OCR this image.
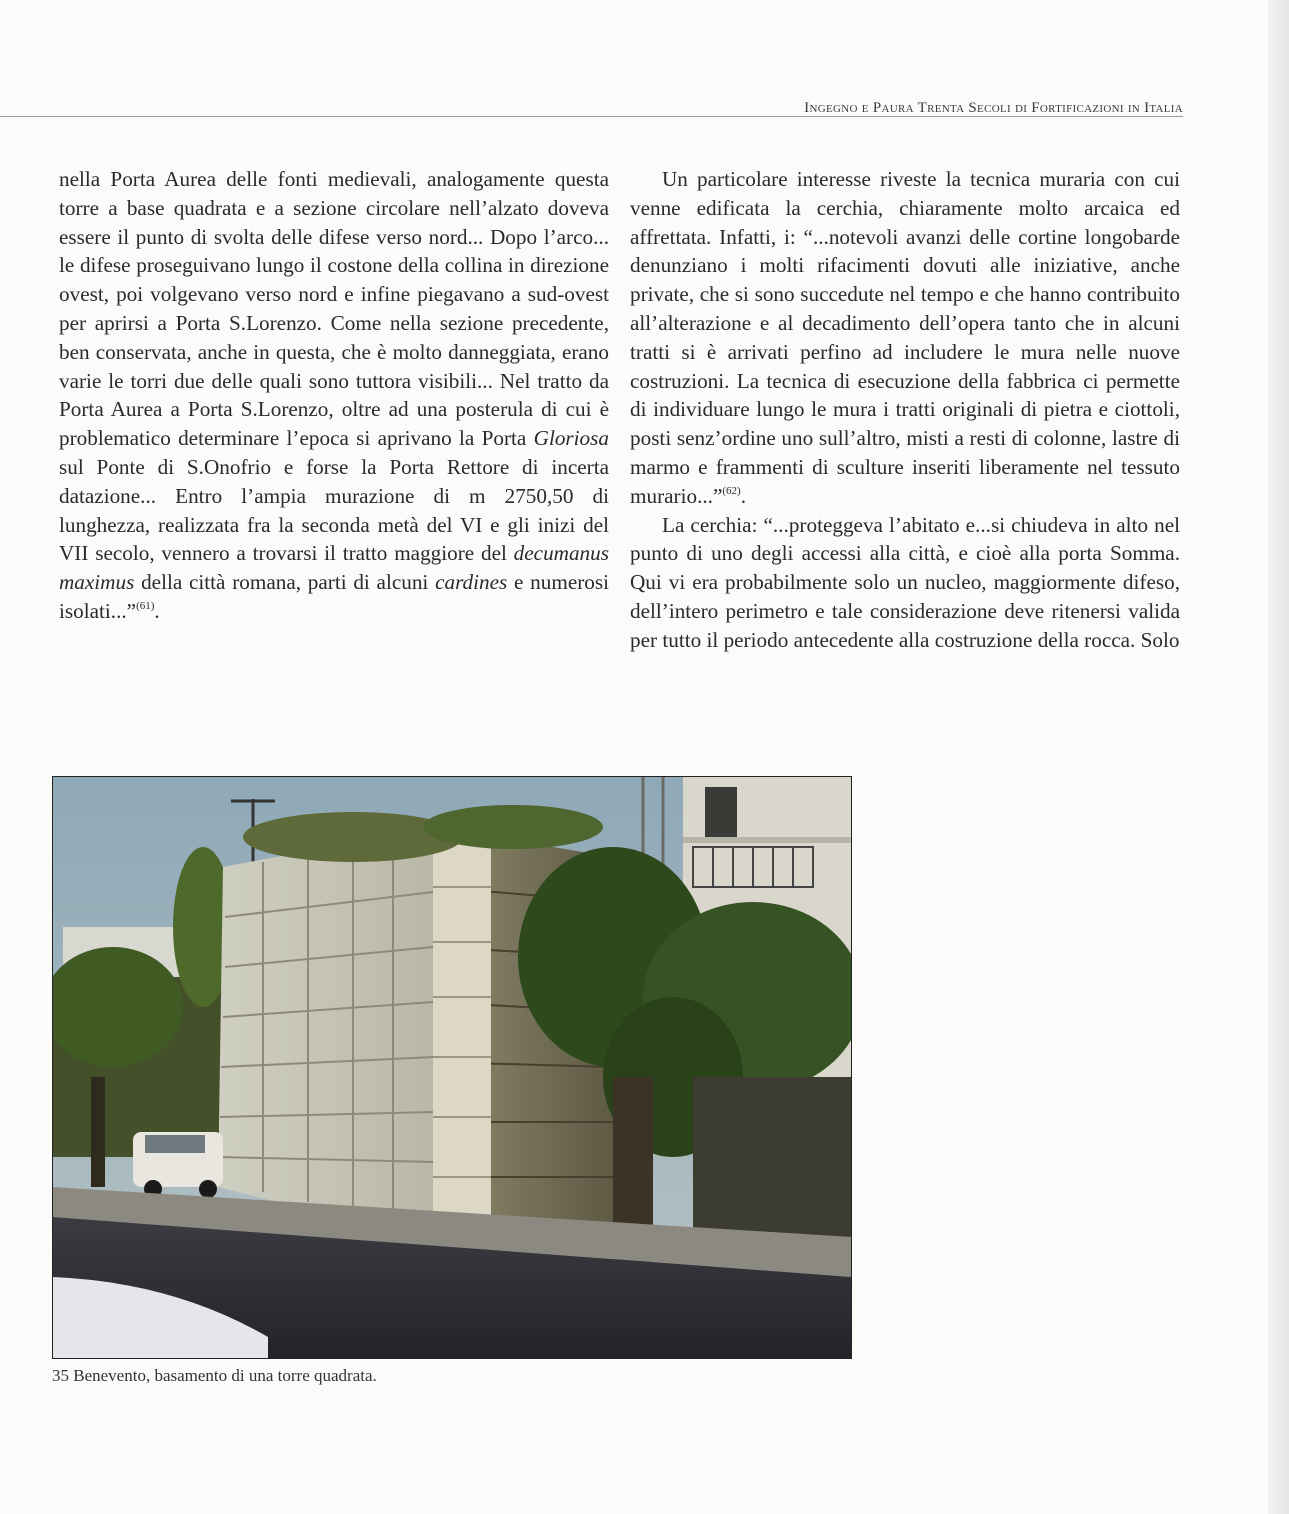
Ingegno e Paura Trenta Secoli di Fortificazioni in Italia

nella Porta Aurea delle fonti medievali, analogamente questa torre a base quadrata e a sezione circolare nell’alzato doveva essere il punto di svolta delle difese verso nord... Dopo l’arco... le difese proseguivano lungo il costone della collina in direzione ovest, poi volgevano verso nord e infine piegavano a sud-ovest per aprirsi a Porta S.Lorenzo. Come nella sezione precedente, ben conservata, anche in questa, che è molto danneggiata, erano varie le torri due delle quali sono tuttora visibili... Nel tratto da Porta Aurea a Porta S.Lorenzo, oltre ad una posterula di cui è problematico determinare l’epoca si aprivano la Porta Gloriosa sul Ponte di S.Onofrio e forse la Porta Rettore di incerta datazione... Entro l’ampia murazione di m 2750,50 di lunghezza, realizzata fra la seconda metà del VI e gli inizi del VII secolo, vennero a trovarsi il tratto maggiore del decumanus maximus della città romana, parti di alcuni cardines e numerosi isolati...”$^{(61)}$.

Un particolare interesse riveste la tecnica muraria con cui venne edificata la cerchia, chiaramente molto arcaica ed affrettata. Infatti, i: “...notevoli avanzi delle cortine longobarde denunziano i molti rifacimenti dovuti alle iniziative, anche private, che si sono succedute nel tempo e che hanno contribuito all’alterazione e al decadimento dell’opera tanto che in alcuni tratti si è arrivati perfino ad includere le mura nelle nuove costruzioni. La tecnica di esecuzione della fabbrica ci permette di individuare lungo le mura i tratti originali di pietra e ciottoli, posti senz’ordine uno sull’altro, misti a resti di colonne, lastre di marmo e frammenti di sculture inseriti liberamente nel tessuto murario...”$^{(62)}$.

La cerchia: “...proteggeva l’abitato e...si chiudeva in alto nel punto di uno degli accessi alla città, e cioè alla porta Somma. Qui vi era probabilmente solo un nucleo, maggiormente difeso, dell’intero perimetro e tale considerazione deve ritenersi valida per tutto il periodo antecedente alla costruzione della rocca. Solo

35 Benevento, basamento di una torre quadrata.
